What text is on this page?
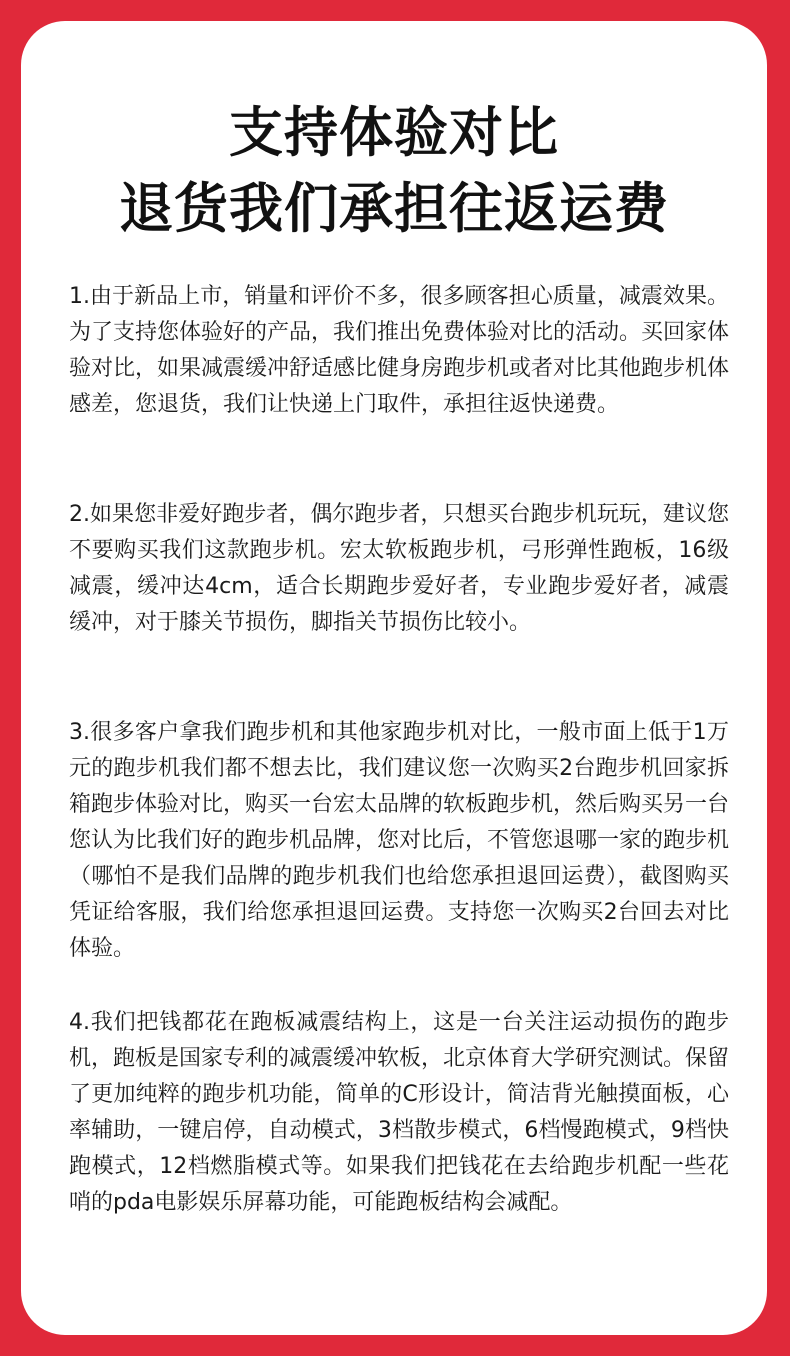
支持体验对比
退货我们承担往返运费

1.由于新品上市，销量和评价不多，很多顾客担心质量，减震效果。为了支持您体验好的产品，我们推出免费体验对比的活动。买回家体验对比，如果减震缓冲舒适感比健身房跑步机或者对比其他跑步机体感差，您退货，我们让快递上门取件，承担往返快递费。

2.如果您非爱好跑步者，偶尔跑步者，只想买台跑步机玩玩，建议您不要购买我们这款跑步机。宏太软板跑步机，弓形弹性跑板，16级减震，缓冲达4cm，适合长期跑步爱好者，专业跑步爱好者，减震缓冲，对于膝关节损伤，脚指关节损伤比较小。

3.很多客户拿我们跑步机和其他家跑步机对比，一般市面上低于1万元的跑步机我们都不想去比，我们建议您一次购买2台跑步机回家拆箱跑步体验对比，购买一台宏太品牌的软板跑步机，然后购买另一台您认为比我们好的跑步机品牌，您对比后，不管您退哪一家的跑步机（哪怕不是我们品牌的跑步机我们也给您承担退回运费），截图购买凭证给客服，我们给您承担退回运费。支持您一次购买2台回去对比体验。

4.我们把钱都花在跑板减震结构上，这是一台关注运动损伤的跑步机，跑板是国家专利的减震缓冲软板，北京体育大学研究测试。保留了更加纯粹的跑步机功能，简单的C形设计，简洁背光触摸面板，心率辅助，一键启停，自动模式，3档散步模式，6档慢跑模式，9档快跑模式，12档燃脂模式等。如果我们把钱花在去给跑步机配一些花哨的pda电影娱乐屏幕功能，可能跑板结构会减配。
